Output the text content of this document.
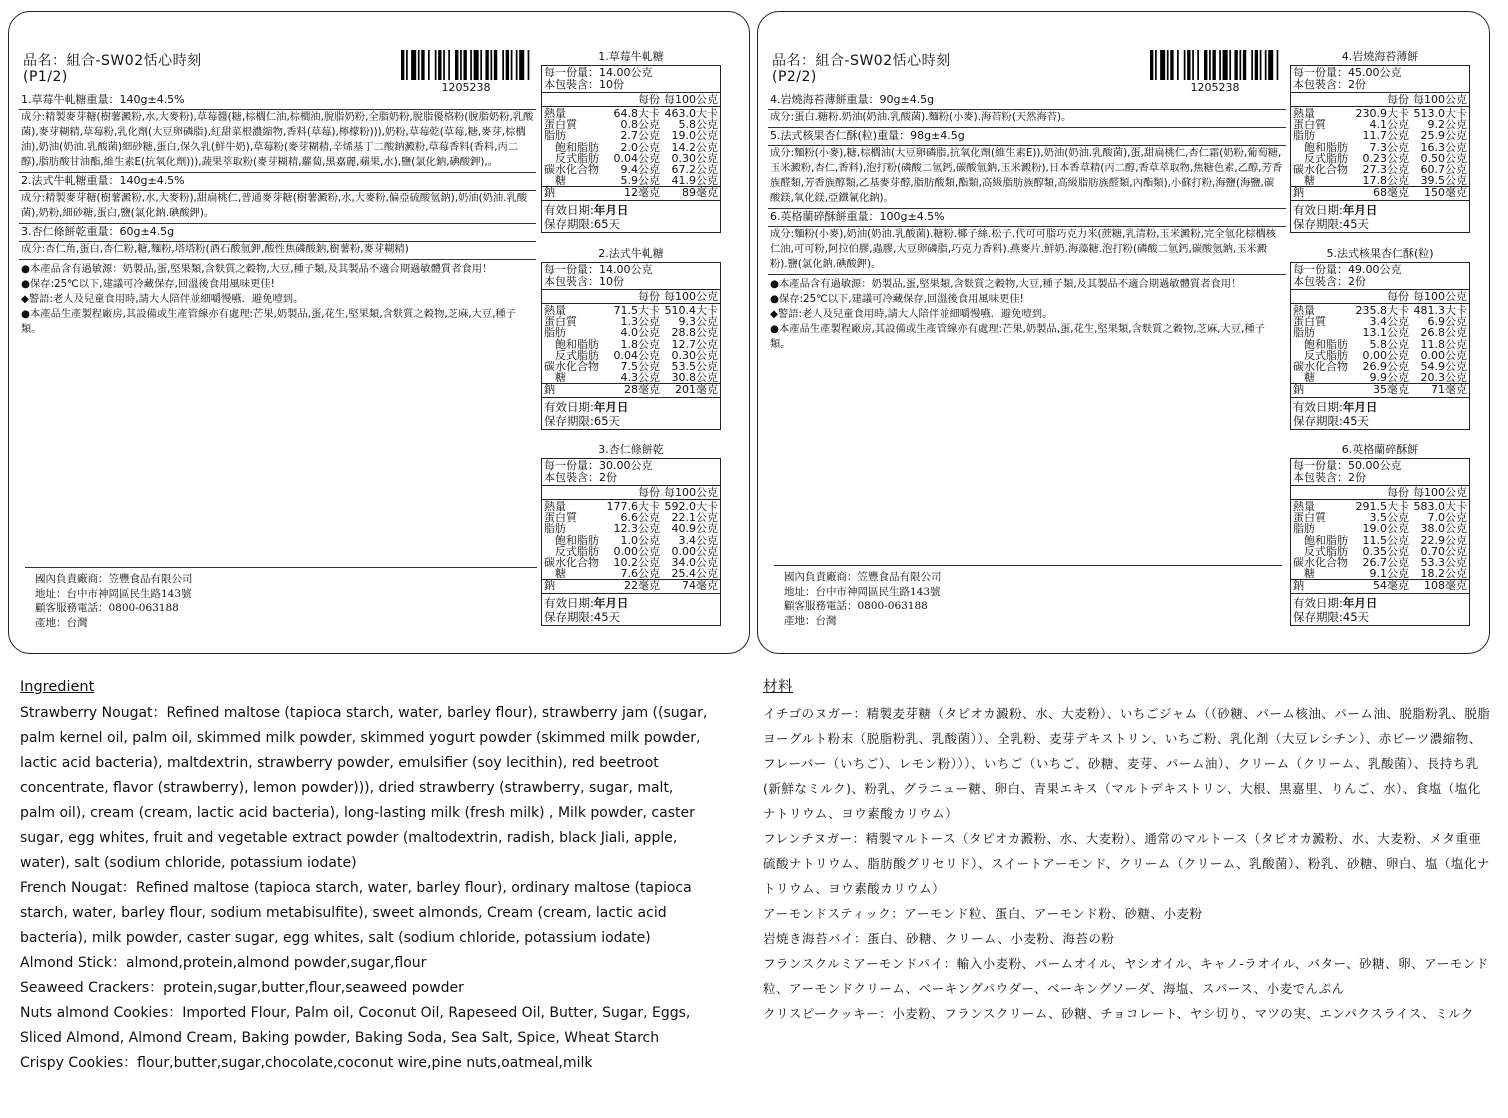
品名：組合-SW02恬心時刻
(P1/2)
1205238
1.草莓牛軋糖重量：140g±4.5%
成分:精製麥芽糖(樹薯澱粉,水,大麥粉),草莓醬(糖,棕櫚仁油,棕櫚油,脫脂奶粉,全脂奶粉,脫脂優格粉(脫脂奶粉,乳酸菌),麥芽糊精,草莓粉,乳化劑(大豆卵磷脂),紅甜菜根濃縮物,香料(草莓),檸檬粉))),奶粉,草莓乾(草莓,糖,麥芽,棕櫚油),奶油(奶油.乳酸菌)細砂糖,蛋白,保久乳(鮮牛奶),草莓粉(麥芽糊精,辛烯基丁二酸鈉澱粉,草莓香料(香料,丙二醇),脂肪酸甘油酯,維生素E(抗氧化劑))),蔬果萃取粉(麥芽糊精,蘿蔔,黑嘉麗,蘋果,水),鹽(氯化鈉,碘酸鉀),。
2.法式牛軋糖重量：140g±4.5%
成分:精製麥芽糖(樹薯澱粉,水,大麥粉),甜扁桃仁,普通麥芽糖(樹薯澱粉,水,大麥粉,偏亞硫酸氫鈉),奶油(奶油.乳酸菌),奶粉,細砂糖,蛋白,鹽(氯化鈉.碘酸鉀)。
3.杏仁條餅乾重量：60g±4.5g
成分:杏仁角,蛋白,杏仁粉,糖,麵粉,塔塔粉(酒石酸氫鉀,酸性焦磷酸鈉,樹薯粉,麥芽糊精)
●本產品含有過敏源：奶製品,蛋,堅果類,含麩質之穀物,大豆,種子類,及其製品不適合期過敏體質者食用！
●保存:25℃以下,建議可冷藏保存,回溫後食用風味更佳!
◆警語:老人及兒童食用時,請大人陪伴並細嚼慢嚥．避免噎到。
●本產品生產製程廠房,其設備或生產管線亦有處理:芒果,奶製品,蛋,花生,堅果類,含麩質之穀物,芝麻,大豆,種子類。
國內負責廠商：笠豐食品有限公司
地址：台中市神岡區民生路143號
顧客服務電話：0800-063188
產地：台灣
1.草莓牛軋糖
每一份量：14.00公克
本包裝含：10份
每份 每100公克
熱量	64.8大卡 463.0大卡
蛋白質	0.8公克	5.8公克
脂肪	2.7公克	19.0公克
飽和脂肪	2.0公克	14.2公克
反式脂肪	0.04公克	0.30公克
碳水化合物	9.4公克	67.2公克
糖	5.9公克	41.9公克
鈉	12毫克	89毫克
有效日期:年月日
保存期限:65天
2.法式牛軋糖
每一份量：14.00公克
本包裝含：10份
每份 每100公克
熱量	71.5大卡 510.4大卡
蛋白質	1.3公克	9.3公克
脂肪	4.0公克	28.8公克
飽和脂肪	1.8公克	12.7公克
反式脂肪	0.04公克	0.30公克
碳水化合物	7.5公克	53.5公克
糖	4.3公克	30.8公克
鈉	28毫克	201毫克
有效日期:年月日
保存期限:65天
3.杏仁條餅乾
每一份量：30.00公克
本包裝含：2份
每份 每100公克
熱量	177.6大卡 592.0大卡
蛋白質	6.6公克	22.1公克
脂肪	12.3公克	40.9公克
飽和脂肪	1.0公克	3.4公克
反式脂肪	0.00公克	0.00公克
碳水化合物	10.2公克	34.0公克
糖	7.6公克	25.4公克
鈉	22毫克	74毫克
有效日期:年月日
保存期限:45天
品名：組合-SW02恬心時刻
(P2/2)
1205238
4.岩燒海苔薄餅重量：90g±4.5g
成分:蛋白.糖粉.奶油(奶油.乳酸菌).麵粉(小麥).海苔粉(天然海苔)。
5.法式核果杏仁酥(粒)重量：98g±4.5g
成分:麵粉(小麥),糖,棕櫚油(大豆卵磷脂,抗氧化劑(維生素E)),奶油(奶油.乳酸菌),蛋,甜扁桃仁,杏仁霜(奶粉,葡萄糖,玉米澱粉,杏仁,香料),泡打粉(磷酸二氫鈣,碳酸氫鈉,玉米澱粉),日本香草精(丙二醇,香草萃取物,焦糖色素,乙醇,芳香族醛類,芳香族醇類,乙基麥芽醇,脂肪酸類,酯類,高級脂肪族醇類,高級脂肪族醛類,內酯類),小蘇打粉,海鹽(海鹽,碳酸鎂,氧化鎂,亞鐵氰化鈉)。
6.英格蘭碎酥餅重量：100g±4.5%
成分:麵粉(小麥),奶油(奶油.乳酸菌).糖粉.椰子絲.松子.代可可脂巧克力米(蔗糖,乳清粉,玉米澱粉,完全氫化棕櫚核仁油,可可粉,阿拉伯膠,蟲膠,大豆卵磷脂,巧克力香料).燕麥片.鮮奶.海藻糖.泡打粉(磷酸二氫鈣,碳酸氫鈉,玉米澱粉).鹽(氯化鈉.碘酸鉀)。
●本產品含有過敏源：奶製品,蛋,堅果類,含麩質之穀物,大豆,種子類,及其製品不適合期過敏體質者食用！
●保存:25℃以下,建議可冷藏保存,回溫後食用風味更佳!
◆警語:老人及兒童食用時,請大人陪伴並細嚼慢嚥．避免噎到。
●本產品生產製程廠房,其設備或生產管線亦有處理:芒果,奶製品,蛋,花生,堅果類,含麩質之穀物,芝麻,大豆,種子類。
國內負責廠商：笠豐食品有限公司
地址：台中市神岡區民生路143號
顧客服務電話：0800-063188
產地：台灣
4.岩燒海苔薄餅
每一份量：45.00公克
本包裝含：2份
每份 每100公克
熱量	230.9大卡 513.0大卡
蛋白質	4.1公克	9.2公克
脂肪	11.7公克	25.9公克
飽和脂肪	7.3公克	16.3公克
反式脂肪	0.23公克	0.50公克
碳水化合物	27.3公克	60.7公克
糖	17.8公克	39.5公克
鈉	68毫克	150毫克
有效日期:年月日
保存期限:45天
5.法式核果杏仁酥(粒)
每一份量：49.00公克
本包裝含：2份
每份 每100公克
熱量	235.8大卡 481.3大卡
蛋白質	3.4公克	6.9公克
脂肪	13.1公克	26.8公克
飽和脂肪	5.8公克	11.8公克
反式脂肪	0.00公克	0.00公克
碳水化合物	26.9公克	54.9公克
糖	9.9公克	20.3公克
鈉	35毫克	71毫克
有效日期:年月日
保存期限:45天
6.英格蘭碎酥餅
每一份量：50.00公克
本包裝含：2份
每份 每100公克
熱量	291.5大卡 583.0大卡
蛋白質	3.5公克	7.0公克
脂肪	19.0公克	38.0公克
飽和脂肪	11.5公克	22.9公克
反式脂肪	0.35公克	0.70公克
碳水化合物	26.7公克	53.3公克
糖	9.1公克	18.2公克
鈉	54毫克	108毫克
有效日期:年月日
保存期限:45天
Ingredient
Strawberry Nougat：Refined maltose (tapioca starch, water, barley flour), strawberry jam ((sugar, palm kernel oil, palm oil, skimmed milk powder, skimmed yogurt powder (skimmed milk powder, lactic acid bacteria), maltdextrin, strawberry powder, emulsifier (soy lecithin), red beetroot concentrate, flavor (strawberry), lemon powder))), dried strawberry (strawberry, sugar, malt, palm oil), cream (cream, lactic acid bacteria), long-lasting milk (fresh milk) , Milk powder, caster sugar, egg whites, fruit and vegetable extract powder (maltodextrin, radish, black Jiali, apple, water), salt (sodium chloride, potassium iodate)
French Nougat：Refined maltose (tapioca starch, water, barley flour), ordinary maltose (tapioca starch, water, barley flour, sodium metabisulfite), sweet almonds, Cream (cream, lactic acid bacteria), milk powder, caster sugar, egg whites, salt (sodium chloride, potassium iodate)
Almond Stick：almond,protein,almond powder,sugar,flour
Seaweed Crackers：protein,sugar,butter,flour,seaweed powder
Nuts almond Cookies：Imported Flour, Palm oil, Coconut Oil, Rapeseed Oil, Butter, Sugar, Eggs, Sliced Almond, Almond Cream, Baking powder, Baking Soda, Sea Salt, Spice, Wheat Starch
Crispy Cookies：flour,butter,sugar,chocolate,coconut wire,pine nuts,oatmeal,milk
材料
イチゴのヌガー：精製麦芽糖（タピオカ澱粉、水、大麦粉）、いちごジャム（（砂糖、パーム核油、パーム油、脱脂粉乳、脱脂ヨーグルト粉末（脱脂粉乳、乳酸菌））、全乳粉、麦芽デキストリン、いちご粉、乳化剤（大豆レシチン）、赤ビーツ濃縮物、フレーバー（いちご）、レモン粉）））、いちご（いちご、砂糖、麦芽、パーム油）、クリーム（クリーム、乳酸菌）、長持ち乳(新鮮なミルク)、粉乳、グラニュー糖、卵白、青果エキス（マルトデキストリン、大根、黒嘉里、りんご、水）、食塩（塩化ナトリウム、ヨウ素酸カリウム）
フレンチヌガー：精製マルトース（タピオカ澱粉、水、大麦粉）、通常のマルトース（タピオカ澱粉、水、大麦粉、メタ重亜硫酸ナトリウム、脂肪酸グリセリド）、スイートアーモンド、クリーム（クリーム、乳酸菌）、粉乳、砂糖、卵白、塩（塩化ナトリウム、ヨウ素酸カリウム）
アーモンドスティック：アーモンド粒、蛋白、アーモンド粉、砂糖、小麦粉
岩焼き海苔パイ：蛋白、砂糖、クリーム、小麦粉、海苔の粉
フランスクルミアーモンドパイ：輸入小麦粉、パームオイル、ヤシオイル、キャノ-ラオイル、バター、砂糖、卵、アーモンド粒、アーモンドクリーム、ベーキングパウダー、ベーキングソーダ、海塩、スパース、小麦でんぷん
クリスピークッキー：小麦粉、フランスクリーム、砂糖、チョコレート、ヤシ切り、マツの実、エンパクスライス、ミルク
